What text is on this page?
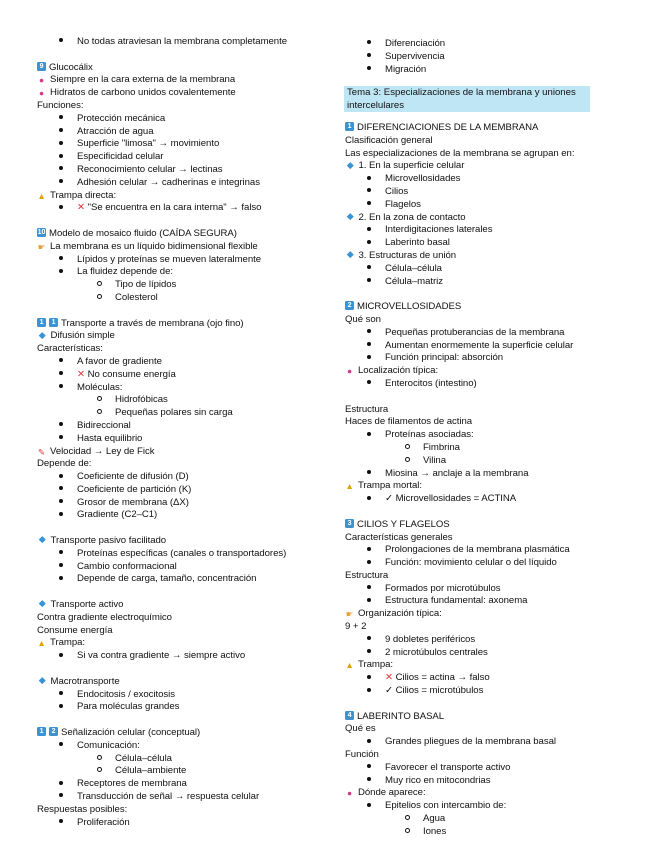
No todas atraviesan la membrana completamente
9 Glucocálix
● Siempre en la cara externa de la membrana
● Hidratos de carbono unidos covalentemente
Funciones:
Protección mecánica
Atracción de agua
Superficie "limosa" → movimiento
Especificidad celular
Reconocimiento celular → lectinas
Adhesión celular → cadherinas e integrinas
▲ Trampa directa:
✕ "Se encuentra en la cara interna" → falso
10 Modelo de mosaico fluido (CAÍDA SEGURA)
☛ La membrana es un líquido bidimensional flexible
Lípidos y proteínas se mueven lateralmente
La fluidez depende de:
Tipo de lípidos
Colesterol
1 1 Transporte a través de membrana (ojo fino)
Difusión simple
Características:
A favor de gradiente
✕ No consume energía
Moléculas:
Hidrofóbicas
Pequeñas polares sin carga
Bidireccional
Hasta equilibrio
✎ Velocidad → Ley de Fick
Depende de:
Coeficiente de difusión (D)
Coeficiente de partición (K)
Grosor de membrana (ΔX)
Gradiente (C2–C1)
Transporte pasivo facilitado
Proteínas específicas (canales o transportadores)
Cambio conformacional
Depende de carga, tamaño, concentración
Transporte activo
Contra gradiente electroquímico
Consume energía
▲ Trampa:
Si va contra gradiente → siempre activo
Macrotransporte
Endocitosis / exocitosis
Para moléculas grandes
1 2 Señalización celular (conceptual)
Comunicación:
Célula–célula
Célula–ambiente
Receptores de membrana
Transducción de señal → respuesta celular
Respuestas posibles:
Proliferación
Diferenciación
Supervivencia
Migración
Tema 3: Especializaciones de la membrana y uniones intercelulares
1 DIFERENCIACIONES DE LA MEMBRANA
Clasificación general
Las especializaciones de la membrana se agrupan en:
1. En la superficie celular
Microvellosidades
Cilios
Flagelos
2. En la zona de contacto
Interdigitaciones laterales
Laberinto basal
3. Estructuras de unión
Célula–célula
Célula–matriz
2 MICROVELLOSIDADES
Qué son
Pequeñas protuberancias de la membrana
Aumentan enormemente la superficie celular
Función principal: absorción
● Localización típica:
Enterocitos (intestino)
Estructura
Haces de filamentos de actina
Proteínas asociadas:
Fimbrina
Vilina
Miosina → anclaje a la membrana
▲ Trampa mortal:
✓ Microvellosidades = ACTINA
3 CILIOS Y FLAGELOS
Características generales
Prolongaciones de la membrana plasmática
Función: movimiento celular o del líquido
Estructura
Formados por microtúbulos
Estructura fundamental: axonema
☛ Organización típica:
9 + 2
9 dobletes periféricos
2 microtúbulos centrales
▲ Trampa:
✕ Cilios = actina → falso
✓ Cilios = microtúbulos
4 LABERINTO BASAL
Qué es
Grandes pliegues de la membrana basal
Función
Favorecer el transporte activo
Muy rico en mitocondrias
● Dónde aparece:
Epitelios con intercambio de:
Agua
Iones
